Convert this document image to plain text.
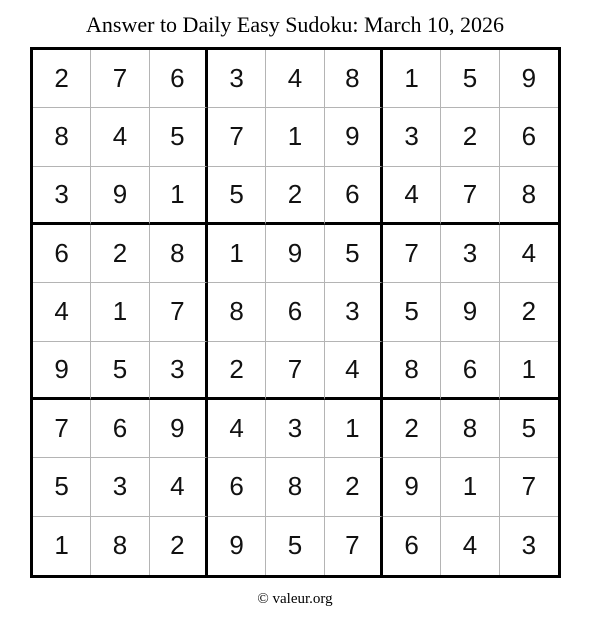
Answer to Daily Easy Sudoku: March 10, 2026
2	7	6	3	4	8	1	5	9
8	4	5	7	1	9	3	2	6
3	9	1	5	2	6	4	7	8
6	2	8	1	9	5	7	3	4
4	1	7	8	6	3	5	9	2
9	5	3	2	7	4	8	6	1
7	6	9	4	3	1	2	8	5
5	3	4	6	8	2	9	1	7
1	8	2	9	5	7	6	4	3
© valeur.org
